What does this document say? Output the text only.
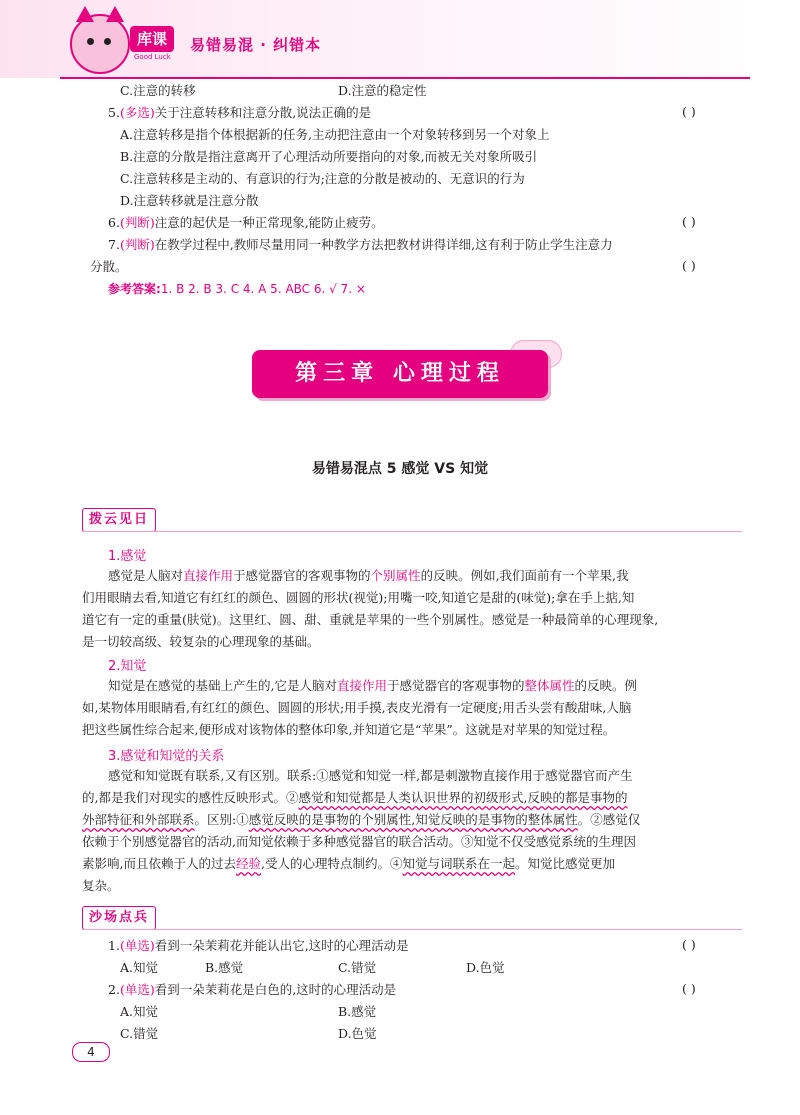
库课
Good Luck
易错易混 · 纠错本
C.注意的转移	D.注意的稳定性
5.(多选)关于注意转移和注意分散,说法正确的是	( )
A.注意转移是指个体根据新的任务,主动把注意由一个对象转移到另一个对象上
B.注意的分散是指注意离开了心理活动所要指向的对象,而被无关对象所吸引
C.注意转移是主动的、有意识的行为;注意的分散是被动的、无意识的行为
D.注意转移就是注意分散
6.(判断)注意的起伏是一种正常现象,能防止疲劳。	( )
7.(判断)在教学过程中,教师尽量用同一种教学方法把教材讲得详细,这有利于防止学生注意力
分散。	( )
参考答案:1. B 2. B 3. C 4. A 5. ABC 6. √ 7. ×
第三章 心理过程
易错易混点 5 感觉 VS 知觉
拨云见日
1.感觉
感觉是人脑对直接作用于感觉器官的客观事物的个别属性的反映。例如,我们面前有一个苹果,我
们用眼睛去看,知道它有红红的颜色、圆圆的形状(视觉);用嘴一咬,知道它是甜的(味觉);拿在手上掂,知
道它有一定的重量(肤觉)。这里红、圆、甜、重就是苹果的一些个别属性。感觉是一种最简单的心理现象,
是一切较高级、较复杂的心理现象的基础。
2.知觉
知觉是在感觉的基础上产生的,它是人脑对直接作用于感觉器官的客观事物的整体属性的反映。例
如,某物体用眼睛看,有红红的颜色、圆圆的形状;用手摸,表皮光滑有一定硬度;用舌头尝有酸甜味,人脑
把这些属性综合起来,便形成对该物体的整体印象,并知道它是“苹果”。这就是对苹果的知觉过程。
3.感觉和知觉的关系
感觉和知觉既有联系,又有区别。联系:①感觉和知觉一样,都是刺激物直接作用于感觉器官而产生
的,都是我们对现实的感性反映形式。②感觉和知觉都是人类认识世界的初级形式,反映的都是事物的
外部特征和外部联系。区别:①感觉反映的是事物的个别属性,知觉反映的是事物的整体属性。②感觉仅
依赖于个别感觉器官的活动,而知觉依赖于多种感觉器官的联合活动。③知觉不仅受感觉系统的生理因
素影响,而且依赖于人的过去经验,受人的心理特点制约。④知觉与词联系在一起。知觉比感觉更加
复杂。
沙场点兵
1.(单选)看到一朵茉莉花并能认出它,这时的心理活动是	( )
A.知觉	B.感觉	C.错觉	D.色觉
2.(单选)看到一朵茉莉花是白色的,这时的心理活动是	( )
A.知觉	B.感觉
C.错觉	D.色觉
4
